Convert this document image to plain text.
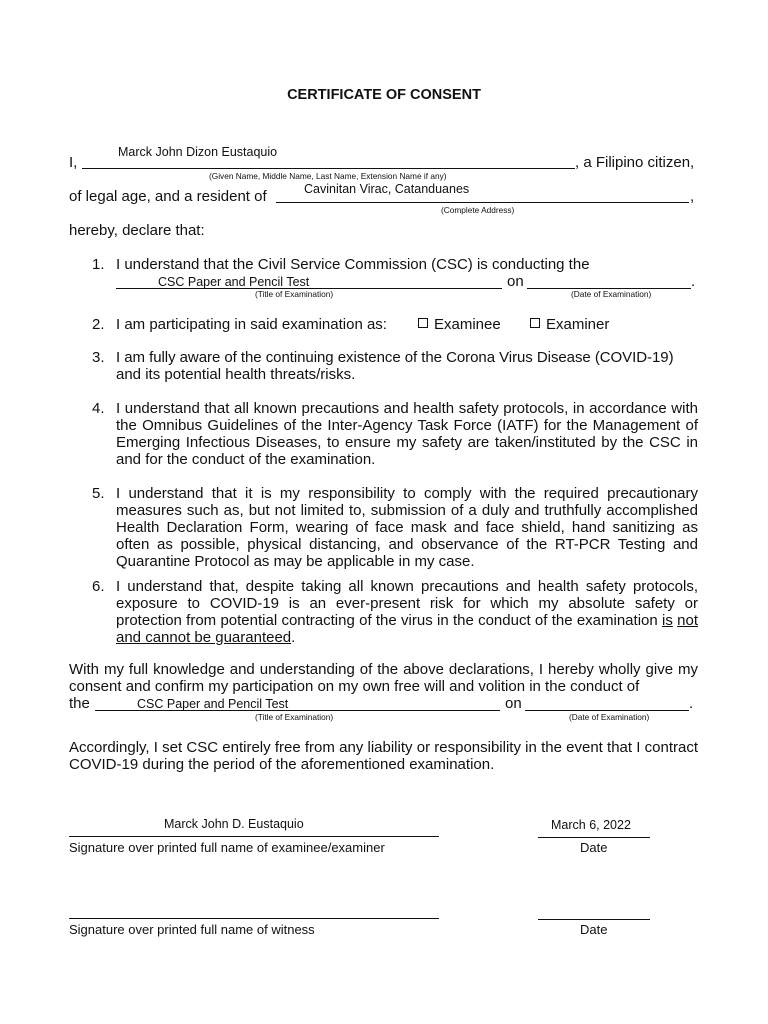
CERTIFICATE OF CONSENT
I,
Marck John Dizon Eustaquio
, a Filipino citizen,
(Given Name, Middle Name, Last Name, Extension Name if any)
of legal age, and a resident of	Cavinitan Virac, Catanduanes	,
(Complete Address)
hereby, declare that:
1. I understand that the Civil Service Commission (CSC) is conducting the
CSC Paper and Pencil Test	on	.
(Title of Examination)	(Date of Examination)
2. I am participating in said examination as:	Examinee	Examiner
3. I am fully aware of the continuing existence of the Corona Virus Disease (COVID-19)
and its potential health threats/risks.
4. I understand that all known precautions and health safety protocols, in accordance with the Omnibus Guidelines of the Inter-Agency Task Force (IATF) for the Management of Emerging Infectious Diseases, to ensure my safety are taken/instituted by the CSC in and for the conduct of the examination.
5. I understand that it is my responsibility to comply with the required precautionary measures such as, but not limited to, submission of a duly and truthfully accomplished Health Declaration Form, wearing of face mask and face shield, hand sanitizing as often as possible, physical distancing, and observance of the RT-PCR Testing and Quarantine Protocol as may be applicable in my case.
6. I understand that, despite taking all known precautions and health safety protocols, exposure to COVID-19 is an ever-present risk for which my absolute safety or protection from potential contracting of the virus in the conduct of the examination is not and cannot be guaranteed.
With my full knowledge and understanding of the above declarations, I hereby wholly give my consent and confirm my participation on my own free will and volition in the conduct of
the	CSC Paper and Pencil Test	on	.
(Title of Examination)	(Date of Examination)
Accordingly, I set CSC entirely free from any liability or responsibility in the event that I contract COVID-19 during the period of the aforementioned examination.
Marck John D. Eustaquio
Signature over printed full name of examinee/examiner
March 6, 2022
Date
Signature over printed full name of witness	Date
